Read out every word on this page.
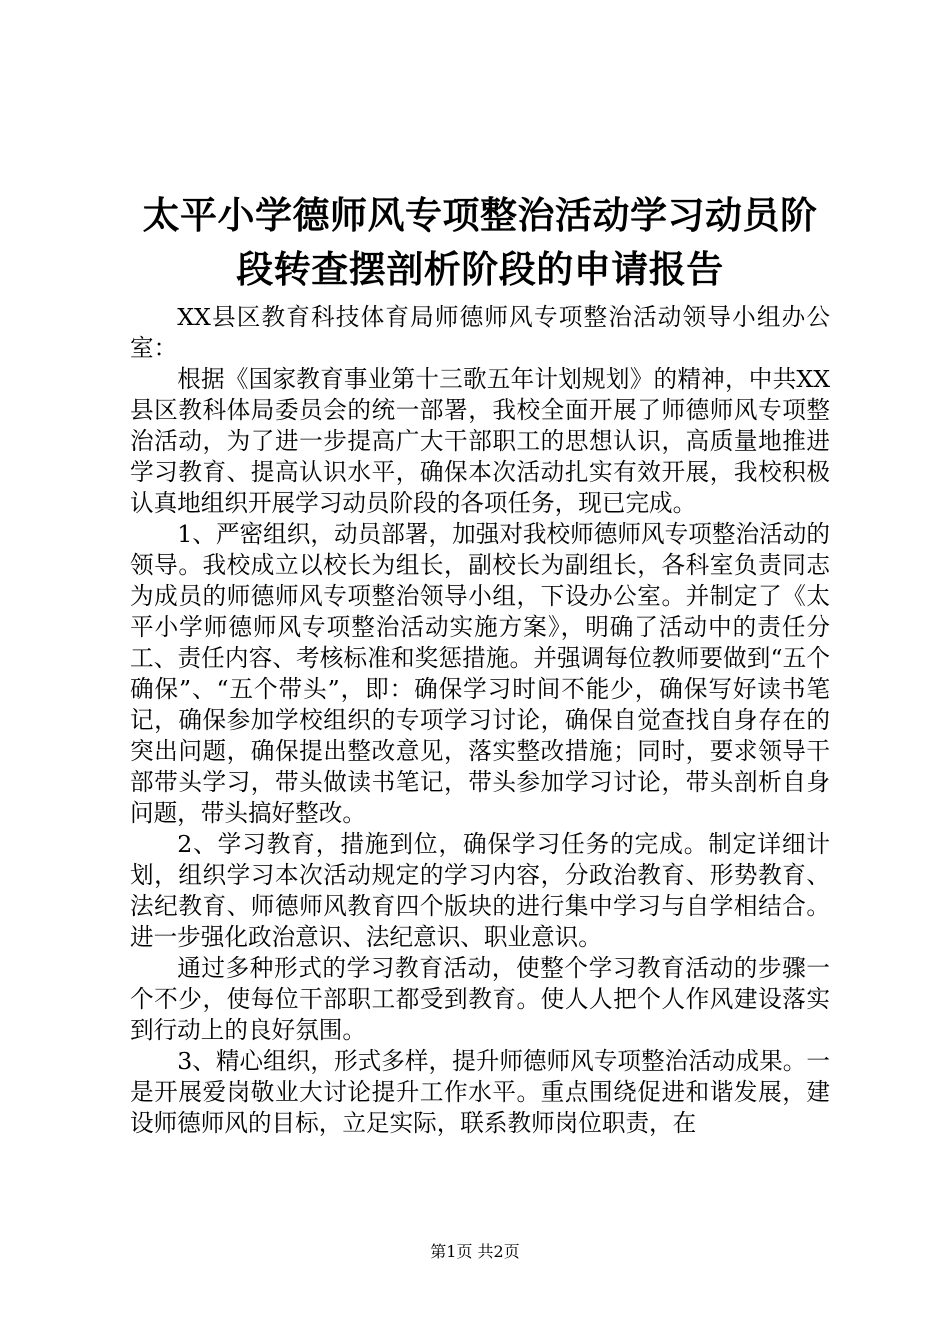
太平小学德师风专项整治活动学习动员阶段转查摆剖析阶段的申请报告

XX县区教育科技体育局师德师风专项整治活动领导小组办公室：

根据《国家教育事业第十三歌五年计划规划》的精神，中共XX县区教科体局委员会的统一部署，我校全面开展了师德师风专项整治活动，为了进一步提高广大干部职工的思想认识，高质量地推进学习教育、提高认识水平，确保本次活动扎实有效开展，我校积极认真地组织开展学习动员阶段的各项任务，现已完成。

1、严密组织，动员部署，加强对我校师德师风专项整治活动的领导。我校成立以校长为组长，副校长为副组长，各科室负责同志为成员的师德师风专项整治领导小组，下设办公室。并制定了《太平小学师德师风专项整治活动实施方案》，明确了活动中的责任分工、责任内容、考核标准和奖惩措施。并强调每位教师要做到“五个确保”、“五个带头”，即：确保学习时间不能少，确保写好读书笔记，确保参加学校组织的专项学习讨论，确保自觉查找自身存在的突出问题，确保提出整改意见，落实整改措施；同时，要求领导干部带头学习，带头做读书笔记，带头参加学习讨论，带头剖析自身问题，带头搞好整改。

2、学习教育，措施到位，确保学习任务的完成。制定详细计划，组织学习本次活动规定的学习内容，分政治教育、形势教育、法纪教育、师德师风教育四个版块的进行集中学习与自学相结合。进一步强化政治意识、法纪意识、职业意识。

通过多种形式的学习教育活动，使整个学习教育活动的步骤一个不少，使每位干部职工都受到教育。使人人把个人作风建设落实到行动上的良好氛围。

3、精心组织，形式多样，提升师德师风专项整治活动成果。一是开展爱岗敬业大讨论提升工作水平。重点围绕促进和谐发展，建设师德师风的目标，立足实际，联系教师岗位职责，在

第1页 共2页
